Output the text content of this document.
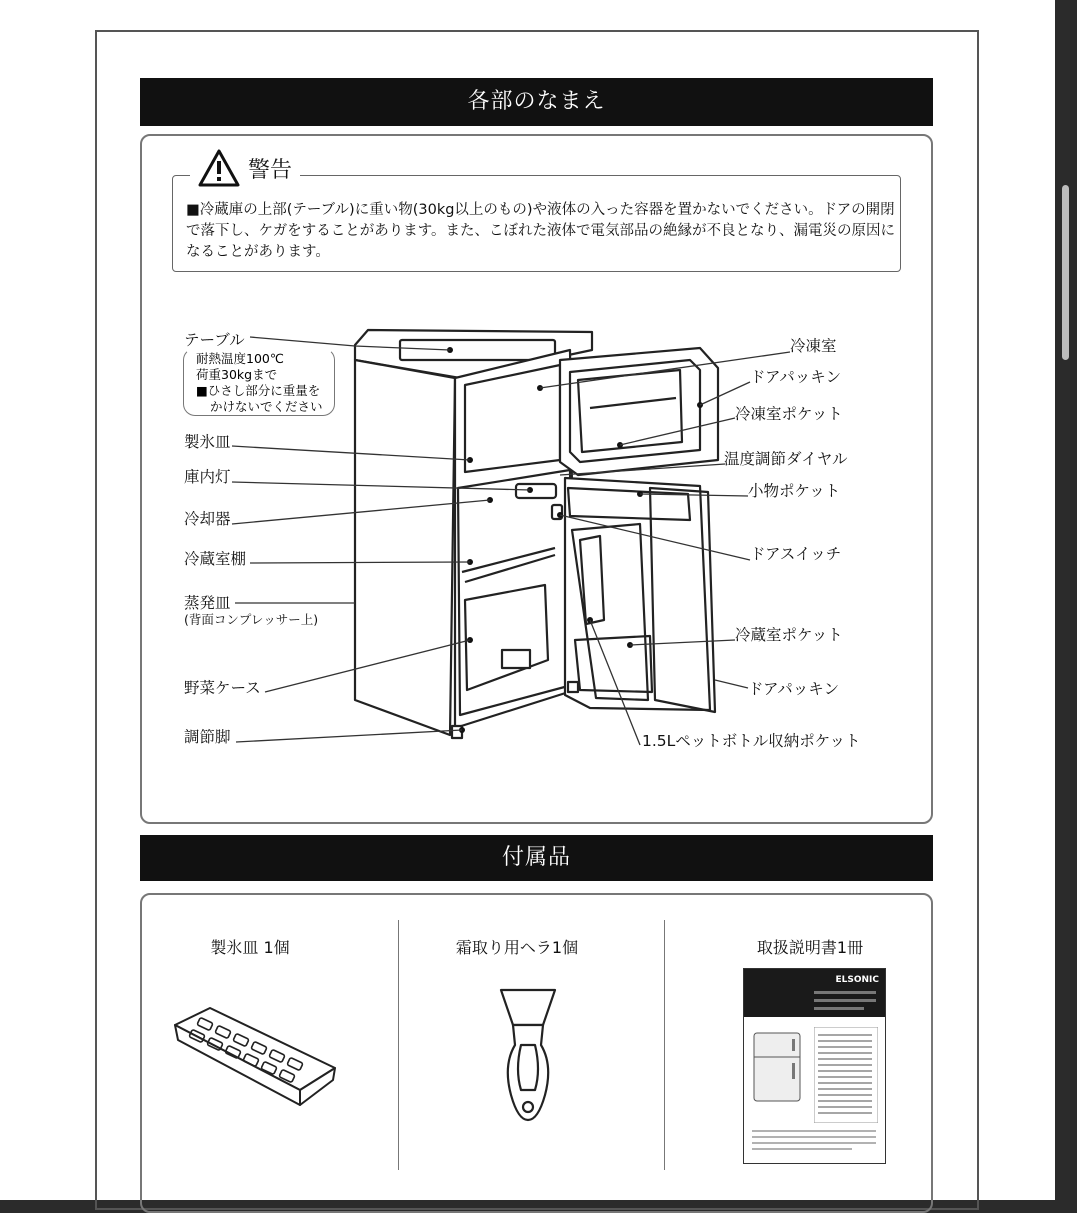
各部のなまえ
警告

■冷蔵庫の上部(テーブル)に重い物(30kg以上のもの)や液体の入った容器を置かないでください。ドアの開閉で落下し、ケガをすることがあります。また、こぼれた液体で電気部品の絶縁が不良となり、漏電災の原因になることがあります。

テーブル
耐熱温度100℃
荷重30kgまで
■ひさし部分に重量を
かけないでください
製氷皿
庫内灯
冷却器
冷蔵室棚
蒸発皿
(背面コンプレッサー上)
野菜ケース
調節脚
冷凍室
ドアパッキン
冷凍室ポケット
温度調節ダイヤル
小物ポケット
ドアスイッチ
冷蔵室ポケット
ドアパッキン
1.5Lペットボトル収納ポケット
付属品
製氷皿 1個	霜取り用ヘラ1個	取扱説明書1冊
ELSONIC
